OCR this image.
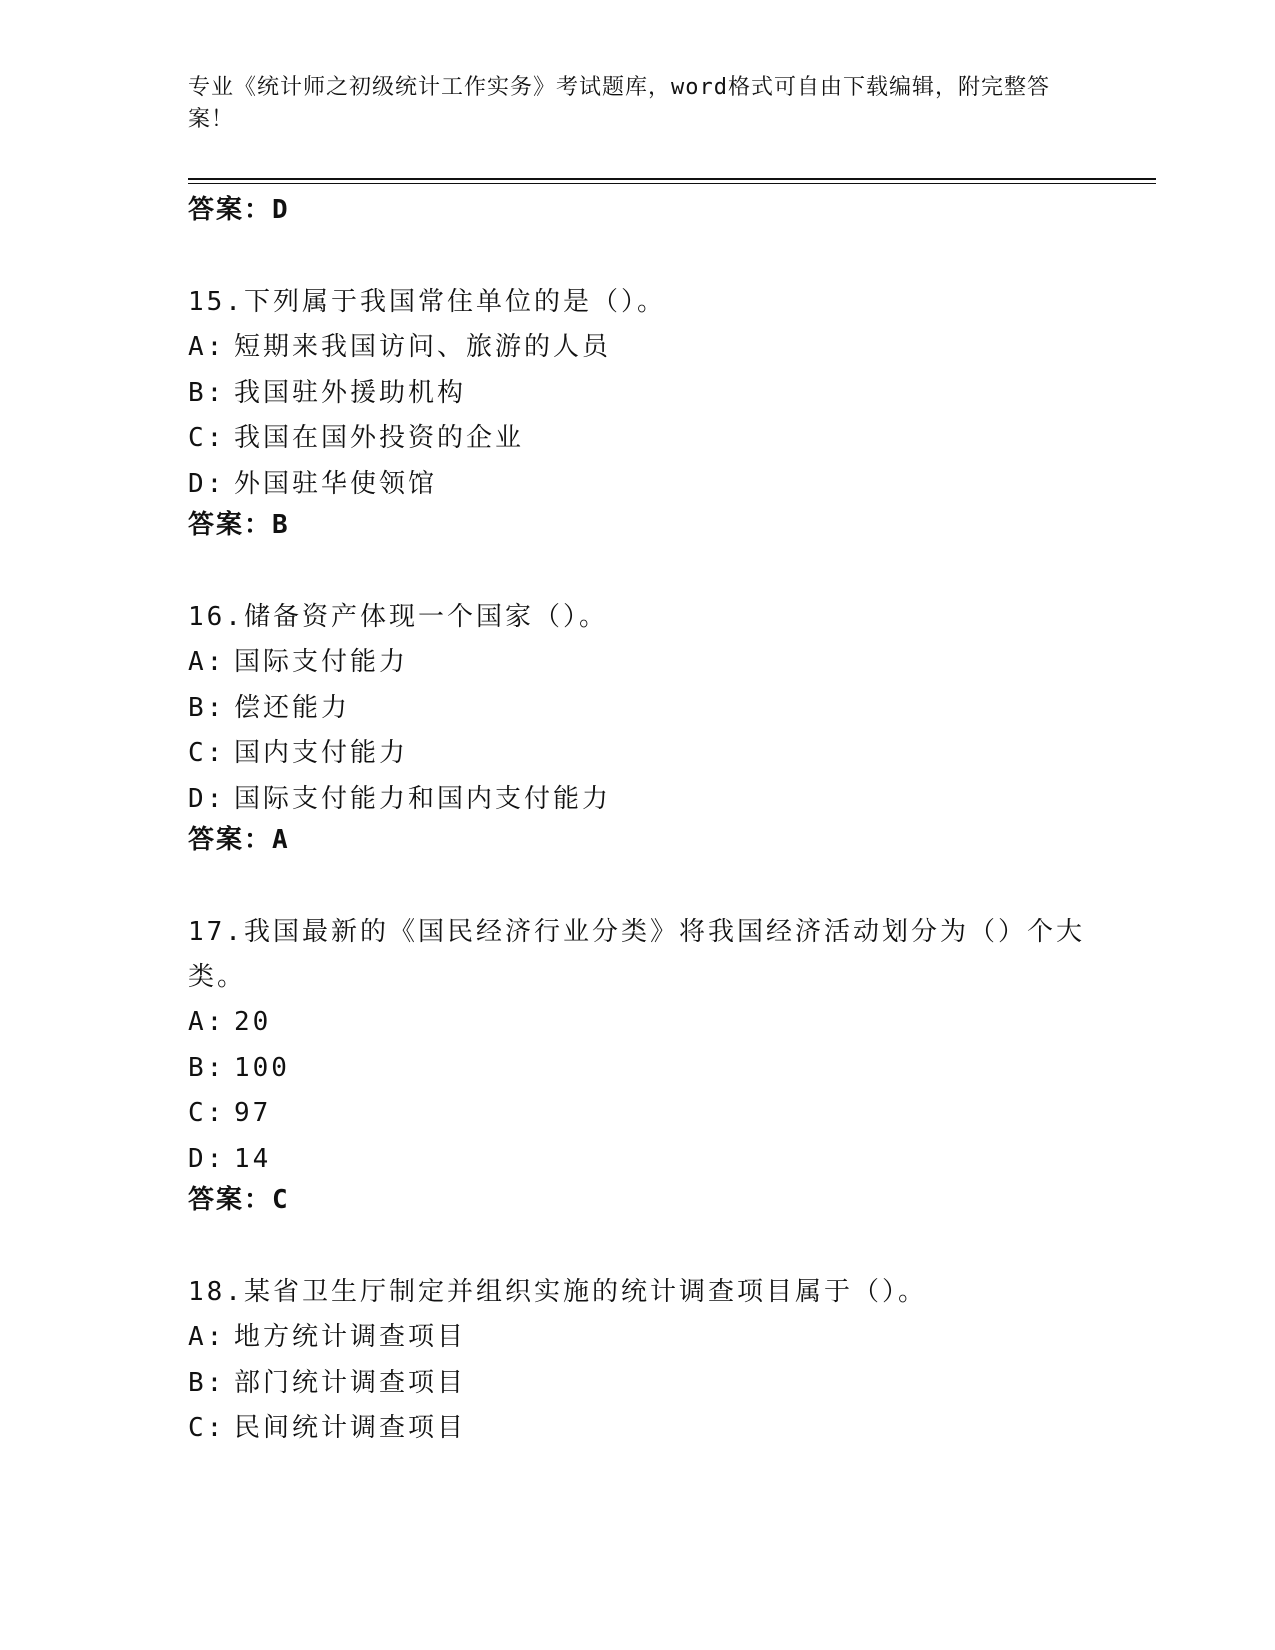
专业《统计师之初级统计工作实务》考试题库，word格式可自由下载编辑，附完整答案！
答案：D
15.下列属于我国常住单位的是（）。
A: 短期来我国访问、旅游的人员
B: 我国驻外援助机构
C: 我国在国外投资的企业
D: 外国驻华使领馆
答案：B
16.储备资产体现一个国家（）。
A: 国际支付能力
B: 偿还能力
C: 国内支付能力
D: 国际支付能力和国内支付能力
答案：A
17.我国最新的《国民经济行业分类》将我国经济活动划分为（）个大类。
A: 20
B: 100
C: 97
D: 14
答案：C
18.某省卫生厅制定并组织实施的统计调查项目属于（）。
A: 地方统计调查项目
B: 部门统计调查项目
C: 民间统计调查项目
